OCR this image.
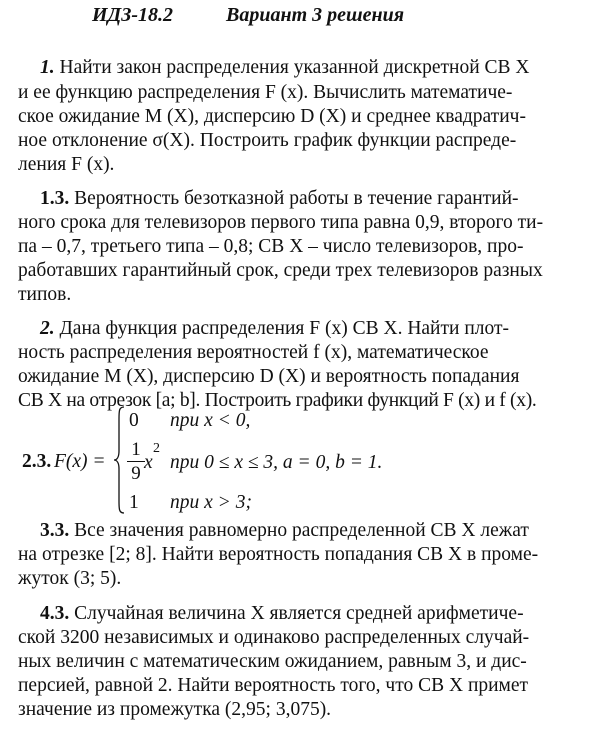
ИДЗ-18.2	Вариант 3 решения
1. Найти закон распределения указанной дискретной СВ X
и ее функцию распределения F (x). Вычислить математиче-
ское ожидание M (X), дисперсию D (X) и среднее квадратич-
ное отклонение σ(X). Построить график функции распреде-
ления F (x).
1.3. Вероятность безотказной работы в течение гарантий-
ного срока для телевизоров первого типа равна 0,9, второго ти-
па – 0,7, третьего типа – 0,8; СВ X – число телевизоров, про-
работавших гарантийный срок, среди трех телевизоров разных
типов.
2. Дана функция распределения F (x) СВ X. Найти плот-
ность распределения вероятностей f (x), математическое
ожидание M (X), дисперсию D (X) и вероятность попадания
СВ X на отрезок [a; b]. Построить графики функций F (x) и f (x).
2.3. F(x) =
0	при x < 0,
1
9
x
2
при 0 ≤ x ≤ 3, a = 0, b = 1.
1	при x > 3;
3.3. Все значения равномерно распределенной СВ X лежат
на отрезке [2; 8]. Найти вероятность попадания СВ X в проме-
жуток (3; 5).
4.3. Случайная величина X является средней арифметиче-
ской 3200 независимых и одинаково распределенных случай-
ных величин с математическим ожиданием, равным 3, и дис-
персией, равной 2. Найти вероятность того, что СВ X примет
значение из промежутка (2,95; 3,075).
